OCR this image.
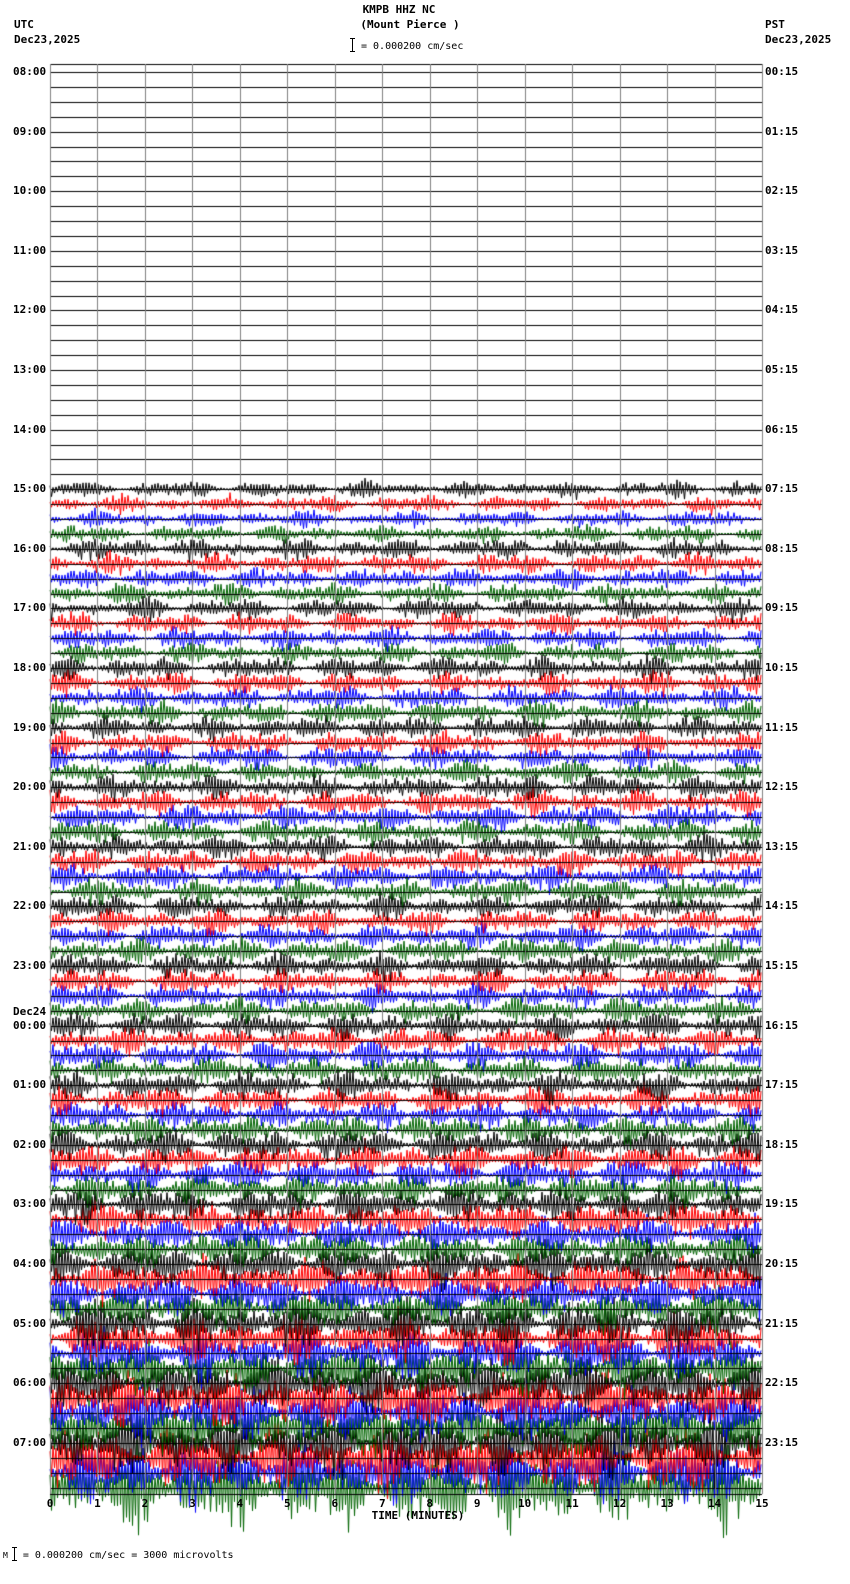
KMPB HHZ NC
(Mount Pierce )
UTC
Dec23,2025
PST
Dec23,2025
= 0.000200 cm/sec
08:00
09:00
10:00
11:00
12:00
13:00
14:00
15:00
16:00
17:00
18:00
19:00
20:00
21:00
22:00
23:00
Dec24
00:00
01:00
02:00
03:00
04:00
05:00
06:00
07:00
00:15
01:15
02:15
03:15
04:15
05:15
06:15
07:15
08:15
09:15
10:15
11:15
12:15
13:15
14:15
15:15
16:15
17:15
18:15
19:15
20:15
21:15
22:15
23:15
0	1	2	3	4	5	6	7	8	9	10	11	12	13	14	15
TIME (MINUTES)
M = 0.000200 cm/sec = 3000 microvolts
